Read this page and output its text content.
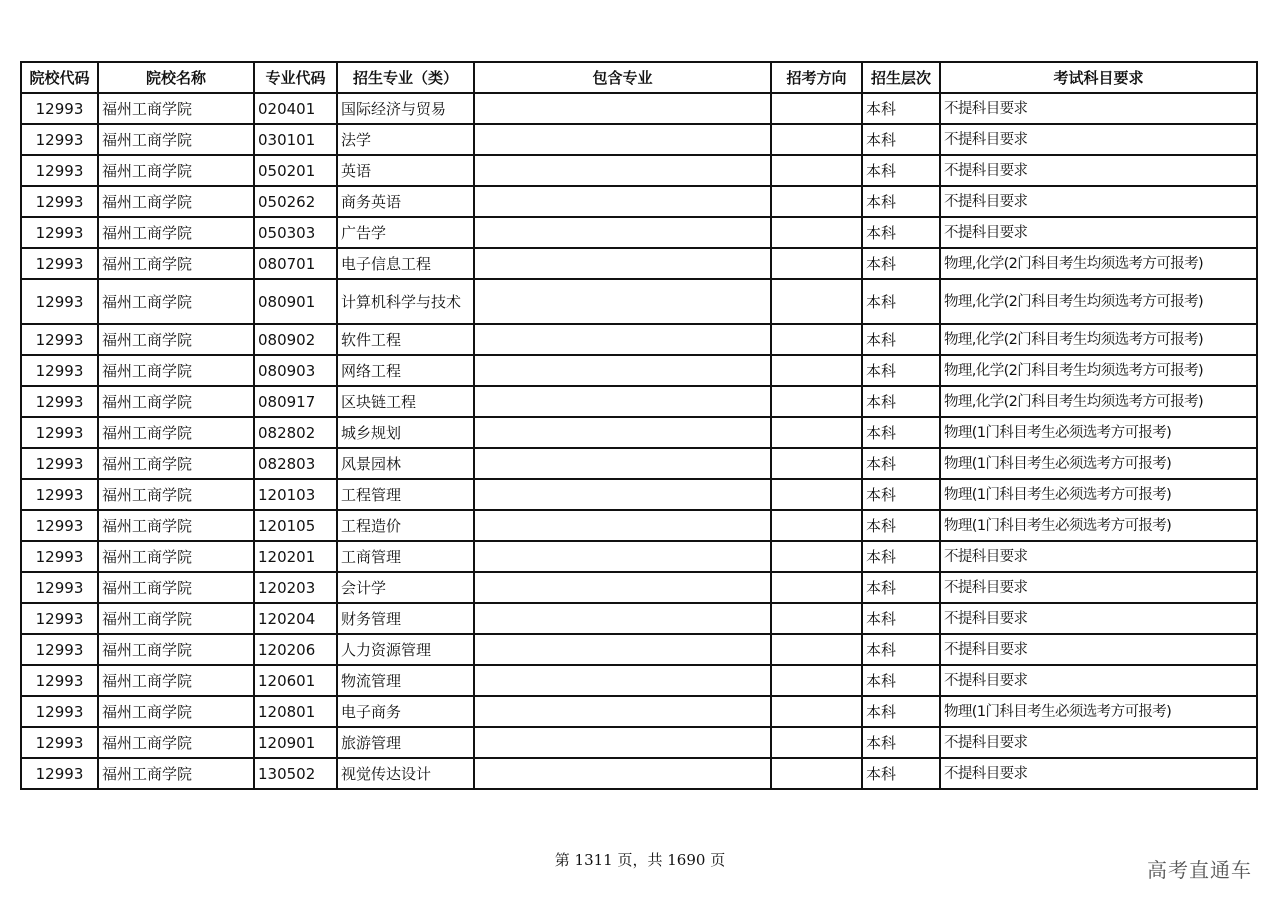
院校代码	院校名称	专业代码	招生专业（类）	包含专业	招考方向	招生层次	考试科目要求
12993	福州工商学院	020401	国际经济与贸易			本科	不提科目要求
12993	福州工商学院	030101	法学			本科	不提科目要求
12993	福州工商学院	050201	英语			本科	不提科目要求
12993	福州工商学院	050262	商务英语			本科	不提科目要求
12993	福州工商学院	050303	广告学			本科	不提科目要求
12993	福州工商学院	080701	电子信息工程			本科	物理,化学(2门科目考生均须选考方可报考)
12993	福州工商学院	080901	计算机科学与技术			本科	物理,化学(2门科目考生均须选考方可报考)
12993	福州工商学院	080902	软件工程			本科	物理,化学(2门科目考生均须选考方可报考)
12993	福州工商学院	080903	网络工程			本科	物理,化学(2门科目考生均须选考方可报考)
12993	福州工商学院	080917	区块链工程			本科	物理,化学(2门科目考生均须选考方可报考)
12993	福州工商学院	082802	城乡规划			本科	物理(1门科目考生必须选考方可报考)
12993	福州工商学院	082803	风景园林			本科	物理(1门科目考生必须选考方可报考)
12993	福州工商学院	120103	工程管理			本科	物理(1门科目考生必须选考方可报考)
12993	福州工商学院	120105	工程造价			本科	物理(1门科目考生必须选考方可报考)
12993	福州工商学院	120201	工商管理			本科	不提科目要求
12993	福州工商学院	120203	会计学			本科	不提科目要求
12993	福州工商学院	120204	财务管理			本科	不提科目要求
12993	福州工商学院	120206	人力资源管理			本科	不提科目要求
12993	福州工商学院	120601	物流管理			本科	不提科目要求
12993	福州工商学院	120801	电子商务			本科	物理(1门科目考生必须选考方可报考)
12993	福州工商学院	120901	旅游管理			本科	不提科目要求
12993	福州工商学院	130502	视觉传达设计			本科	不提科目要求
第 1311 页，共 1690 页	高考直通车
